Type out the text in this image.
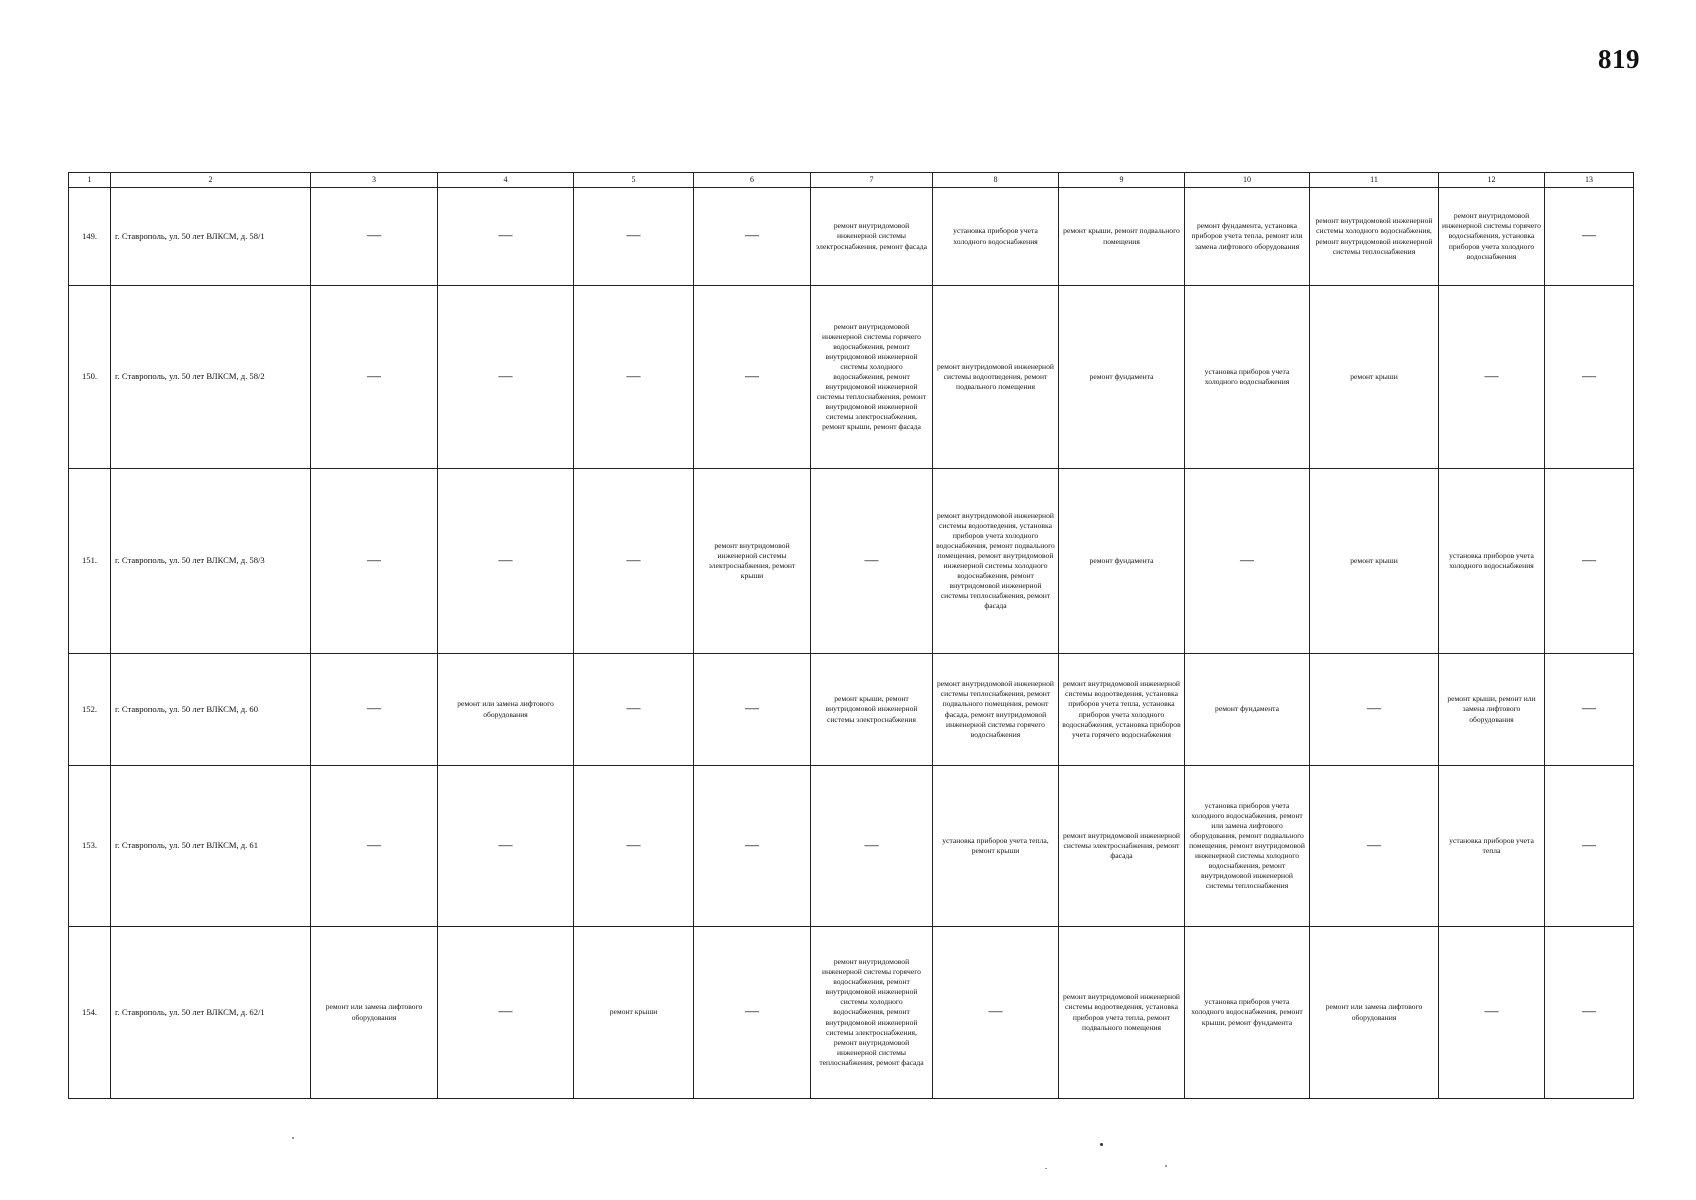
819
1	2	3	4	5	6	7	8	9	10	11	12	13
149.	г. Ставрополь, ул. 50 лет ВЛКСМ, д. 58/1	—	—	—	—	ремонт внутридомовой инженерной системы электроснабжения, ремонт фасада	установка приборов учета холодного водоснабжения	ремонт крыши, ремонт подвального помещения	ремонт фундамента, установка приборов учета тепла, ремонт или замена лифтового оборудования	ремонт внутридомовой инженерной системы холодного водоснабжения, ремонт внутридомовой инженерной системы теплоснабжения	ремонт внутридомовой инженерной системы горячего водоснабжения, установка приборов учета холодного водоснабжения	—
150.	г. Ставрополь, ул. 50 лет ВЛКСМ, д. 58/2	—	—	—	—	ремонт внутридомовой инженерной системы горячего водоснабжения, ремонт внутридомовой инженерной системы холодного водоснабжения, ремонт внутридомовой инженерной системы теплоснабжения, ремонт внутридомовой инженерной системы электроснабжения, ремонт крыши, ремонт фасада	ремонт внутридомовой инженерной системы водоотведения, ремонт подвального помещения	ремонт фундамента	установка приборов учета холодного водоснабжения	ремонт крыши	—	—
151.	г. Ставрополь, ул. 50 лет ВЛКСМ, д. 58/3	—	—	—	ремонт внутридомовой инженерной системы электроснабжения, ремонт крыши	—	ремонт внутридомовой инженерной системы водоотведения, установка приборов учета холодного водоснабжения, ремонт подвального помещения, ремонт внутридомовой инженерной системы холодного водоснабжения, ремонт внутридомовой инженерной системы теплоснабжения, ремонт фасада	ремонт фундамента	—	ремонт крыши	установка приборов учета холодного водоснабжения	—
152.	г. Ставрополь, ул. 50 лет ВЛКСМ, д. 60	—	ремонт или замена лифтового оборудования	—	—	ремонт крыши, ремонт внутридомовой инженерной системы электроснабжения	ремонт внутридомовой инженерной системы теплоснабжения, ремонт подвального помещения, ремонт фасада, ремонт внутридомовой инженерной системы горячего водоснабжения	ремонт внутридомовой инженерной системы водоотведения, установка приборов учета тепла, установка приборов учета холодного водоснабжения, установка приборов учета горячего водоснабжения	ремонт фундамента	—	ремонт крыши, ремонт или замена лифтового оборудования	—
153.	г. Ставрополь, ул. 50 лет ВЛКСМ, д. 61	—	—	—	—	—	установка приборов учета тепла, ремонт крыши	ремонт внутридомовой инженерной системы электроснабжения, ремонт фасада	установка приборов учета холодного водоснабжения, ремонт или замена лифтового оборудования, ремонт подвального помещения, ремонт внутридомовой инженерной системы холодного водоснабжения, ремонт внутридомовой инженерной системы теплоснабжения	—	установка приборов учета тепла	—
154.	г. Ставрополь, ул. 50 лет ВЛКСМ, д. 62/1	ремонт или замена лифтового оборудования	—	ремонт крыши	—	ремонт внутридомовой инженерной системы горячего водоснабжения, ремонт внутридомовой инженерной системы холодного водоснабжения, ремонт внутридомовой инженерной системы электроснабжения, ремонт внутридомовой инженерной системы теплоснабжения, ремонт фасада	—	ремонт внутридомовой инженерной системы водоотведения, установка приборов учета тепла, ремонт подвального помещения	установка приборов учета холодного водоснабжения, ремонт крыши, ремонт фундамента	ремонт или замена лифтового оборудования	—	—
